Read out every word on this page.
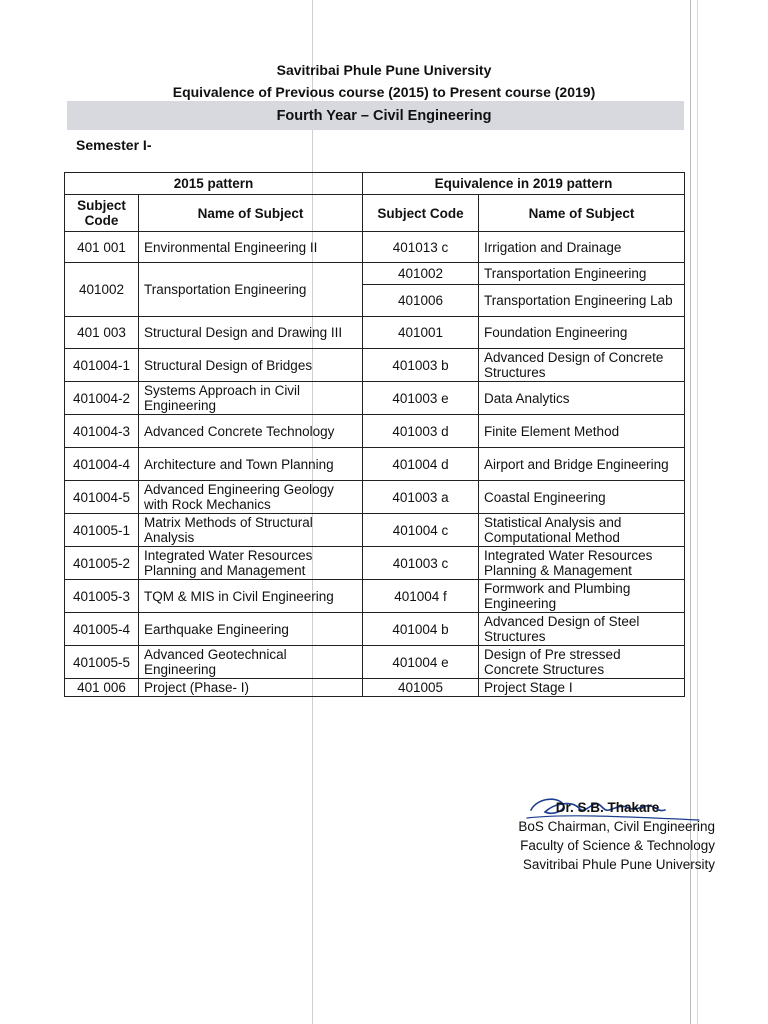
Savitribai Phule Pune University
Equivalence of Previous course (2015) to Present course (2019)
Fourth Year – Civil Engineering
Semester I-
2015 pattern		Equivalence in 2019 pattern	
Subject Code	Name of Subject	Subject Code	Name of Subject
401 001	Environmental Engineering II	401013 c	Irrigation and Drainage
401002	Transportation Engineering	401002	Transportation Engineering
		401006	Transportation Engineering Lab
401 003	Structural Design and Drawing III	401001	Foundation Engineering
401004-1	Structural Design of Bridges	401003 b	Advanced Design of Concrete Structures
401004-2	Systems Approach in Civil Engineering	401003 e	Data Analytics
401004-3	Advanced Concrete Technology	401003 d	Finite Element Method
401004-4	Architecture and Town Planning	401004 d	Airport and Bridge Engineering
401004-5	Advanced Engineering Geology with Rock Mechanics	401003 a	Coastal Engineering
401005-1	Matrix Methods of Structural Analysis	401004 c	Statistical Analysis and Computational Method
401005-2	Integrated Water Resources Planning and Management	401003 c	Integrated Water Resources Planning & Management
401005-3	TQM & MIS in Civil Engineering	401004 f	Formwork and Plumbing Engineering
401005-4	Earthquake Engineering	401004 b	Advanced Design of Steel Structures
401005-5	Advanced Geotechnical Engineering	401004 e	Design of Pre stressed Concrete Structures
401 006	Project (Phase- I)	401005	Project Stage I
Dr. S.B. Thakare
BoS Chairman, Civil Engineering
Faculty of Science & Technology
Savitribai Phule Pune University
